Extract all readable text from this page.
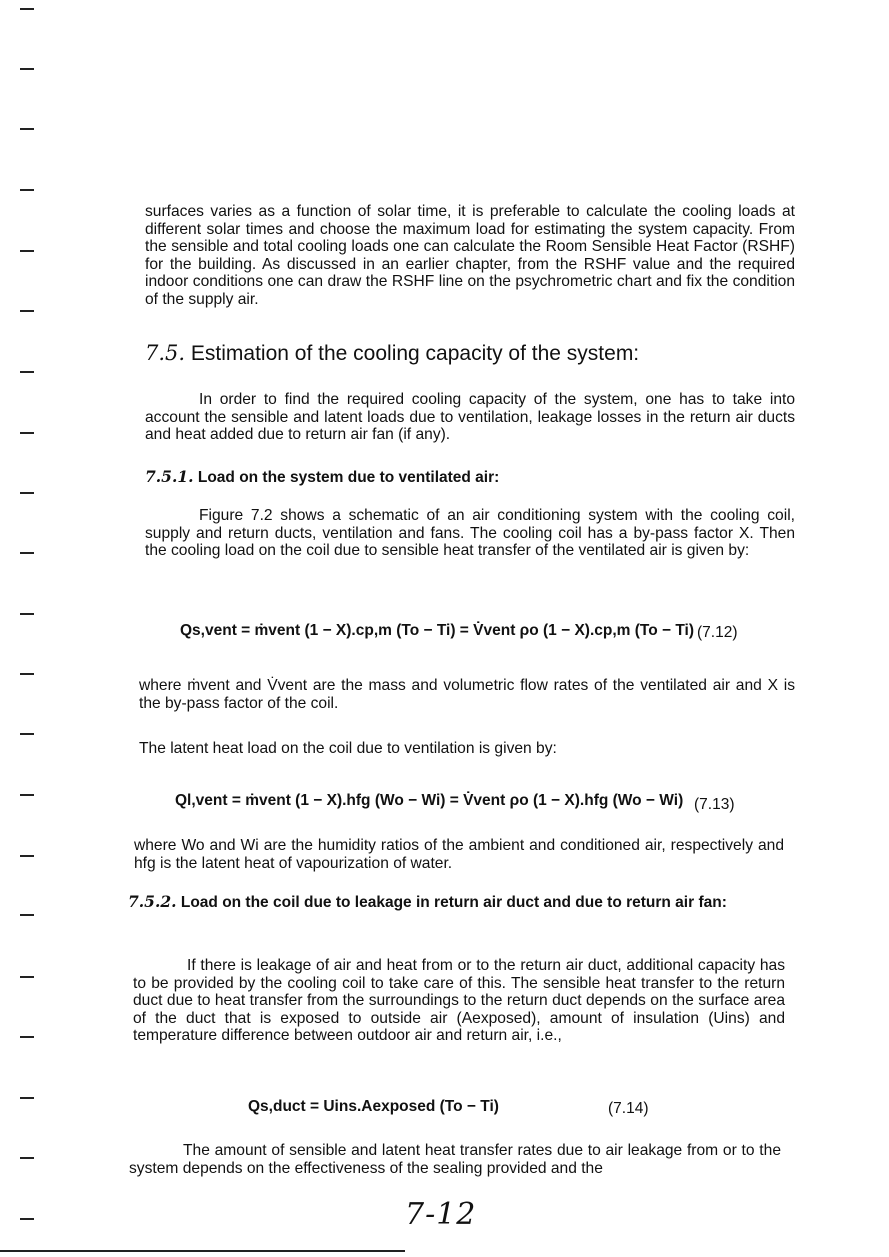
surfaces varies as a function of solar time, it is preferable to calculate the cooling loads at different solar times and choose the maximum load for estimating the system capacity. From the sensible and total cooling loads one can calculate the Room Sensible Heat Factor (RSHF) for the building. As discussed in an earlier chapter, from the RSHF value and the required indoor conditions one can draw the RSHF line on the psychrometric chart and fix the condition of the supply air.

7.5. Estimation of the cooling capacity of the system:

In order to find the required cooling capacity of the system, one has to take into account the sensible and latent loads due to ventilation, leakage losses in the return air ducts and heat added due to return air fan (if any).

7.5.1. Load on the system due to ventilated air:

Figure 7.2 shows a schematic of an air conditioning system with the cooling coil, supply and return ducts, ventilation and fans. The cooling coil has a by-pass factor X. Then the cooling load on the coil due to sensible heat transfer of the ventilated air is given by:

Qs,vent = ṁvent (1 − X).cp,m (To − Ti) = V̇vent ρo (1 − X).cp,m (To − Ti) (7.12)

where ṁvent and V̇vent are the mass and volumetric flow rates of the ventilated air and X is the by-pass factor of the coil.

The latent heat load on the coil due to ventilation is given by:

Ql,vent = ṁvent (1 − X).hfg (Wo − Wi) = V̇vent ρo (1 − X).hfg (Wo − Wi) (7.13)

where Wo and Wi are the humidity ratios of the ambient and conditioned air, respectively and hfg is the latent heat of vapourization of water.

7.5.2. Load on the coil due to leakage in return air duct and due to return air fan:

If there is leakage of air and heat from or to the return air duct, additional capacity has to be provided by the cooling coil to take care of this. The sensible heat transfer to the return duct due to heat transfer from the surroundings to the return duct depends on the surface area of the duct that is exposed to outside air (Aexposed), amount of insulation (Uins) and temperature difference between outdoor air and return air, i.e.,

Qs,duct = Uins.Aexposed (To − Ti)	(7.14)

The amount of sensible and latent heat transfer rates due to air leakage from or to the system depends on the effectiveness of the sealing provided and the

7-12
